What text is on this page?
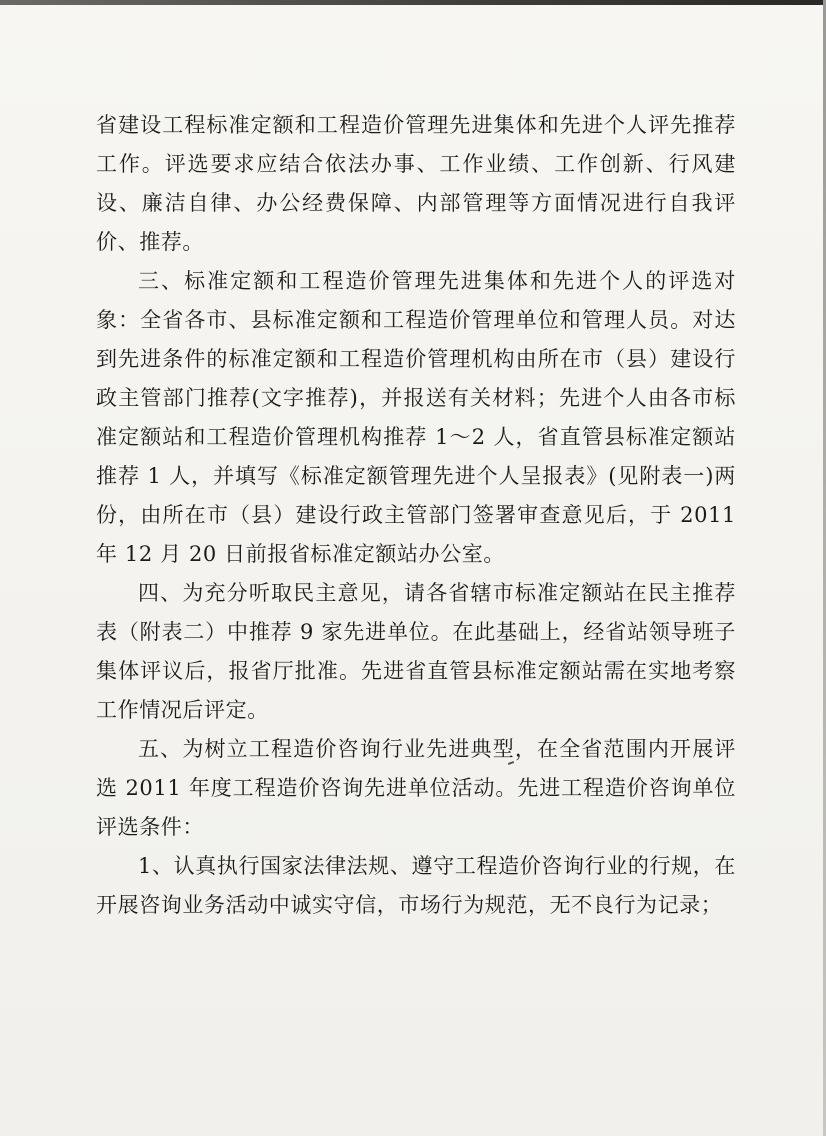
省建设工程标准定额和工程造价管理先进集体和先进个人评先推荐工作。评选要求应结合依法办事、工作业绩、工作创新、行风建设、廉洁自律、办公经费保障、内部管理等方面情况进行自我评价、推荐。

三、标准定额和工程造价管理先进集体和先进个人的评选对象：全省各市、县标准定额和工程造价管理单位和管理人员。对达到先进条件的标准定额和工程造价管理机构由所在市（县）建设行政主管部门推荐(文字推荐)，并报送有关材料；先进个人由各市标准定额站和工程造价管理机构推荐 1～2 人，省直管县标准定额站推荐 1 人，并填写《标准定额管理先进个人呈报表》(见附表一)两份，由所在市（县）建设行政主管部门签署审查意见后，于 2011 年 12 月 20 日前报省标准定额站办公室。

四、为充分听取民主意见，请各省辖市标准定额站在民主推荐表（附表二）中推荐 9 家先进单位。在此基础上，经省站领导班子集体评议后，报省厅批准。先进省直管县标准定额站需在实地考察工作情况后评定。

五、为树立工程造价咨询行业先进典型，在全省范围内开展评选 2011 年度工程造价咨询先进单位活动。先进工程造价咨询单位评选条件：

1、认真执行国家法律法规、遵守工程造价咨询行业的行规，在开展咨询业务活动中诚实守信，市场行为规范，无不良行为记录；
